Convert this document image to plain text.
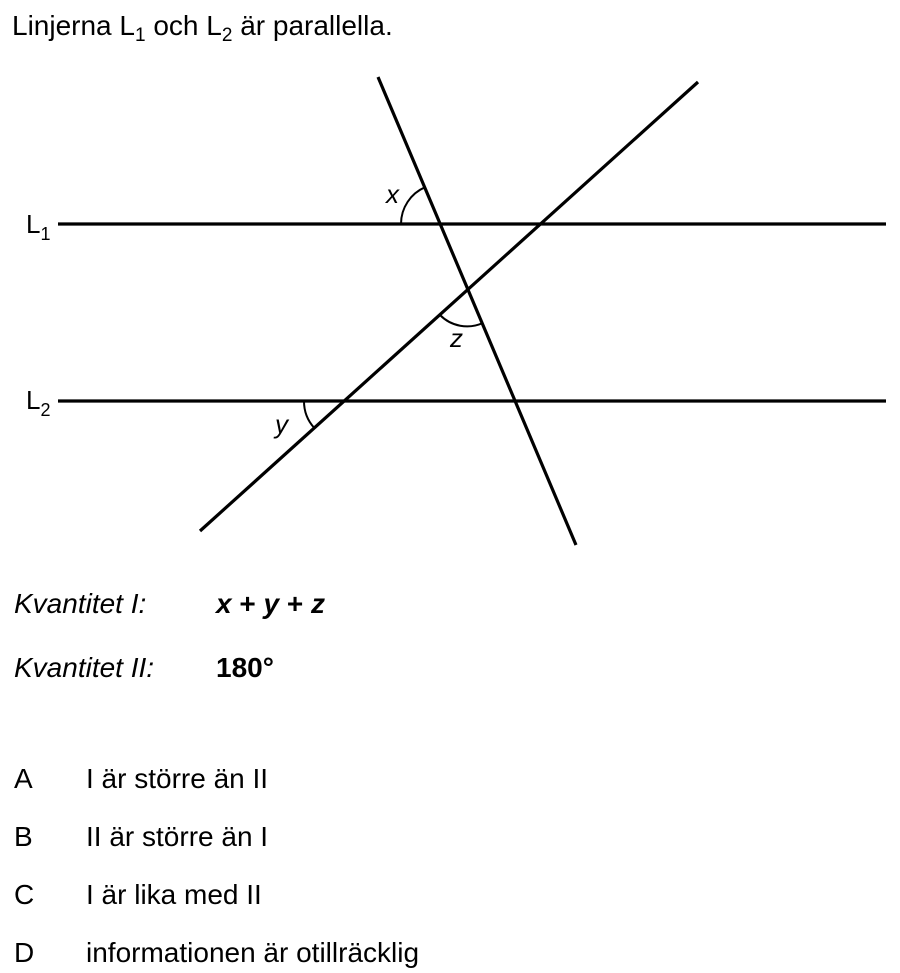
Linjerna $L_1$ och $L_2$ är parallella.
$L_1$
$L_2$
x
z
y
Kvantitet I: x + y + z
Kvantitet II: 180°
A I är större än II
B II är större än I
C I är lika med II
D informationen är otillräcklig
